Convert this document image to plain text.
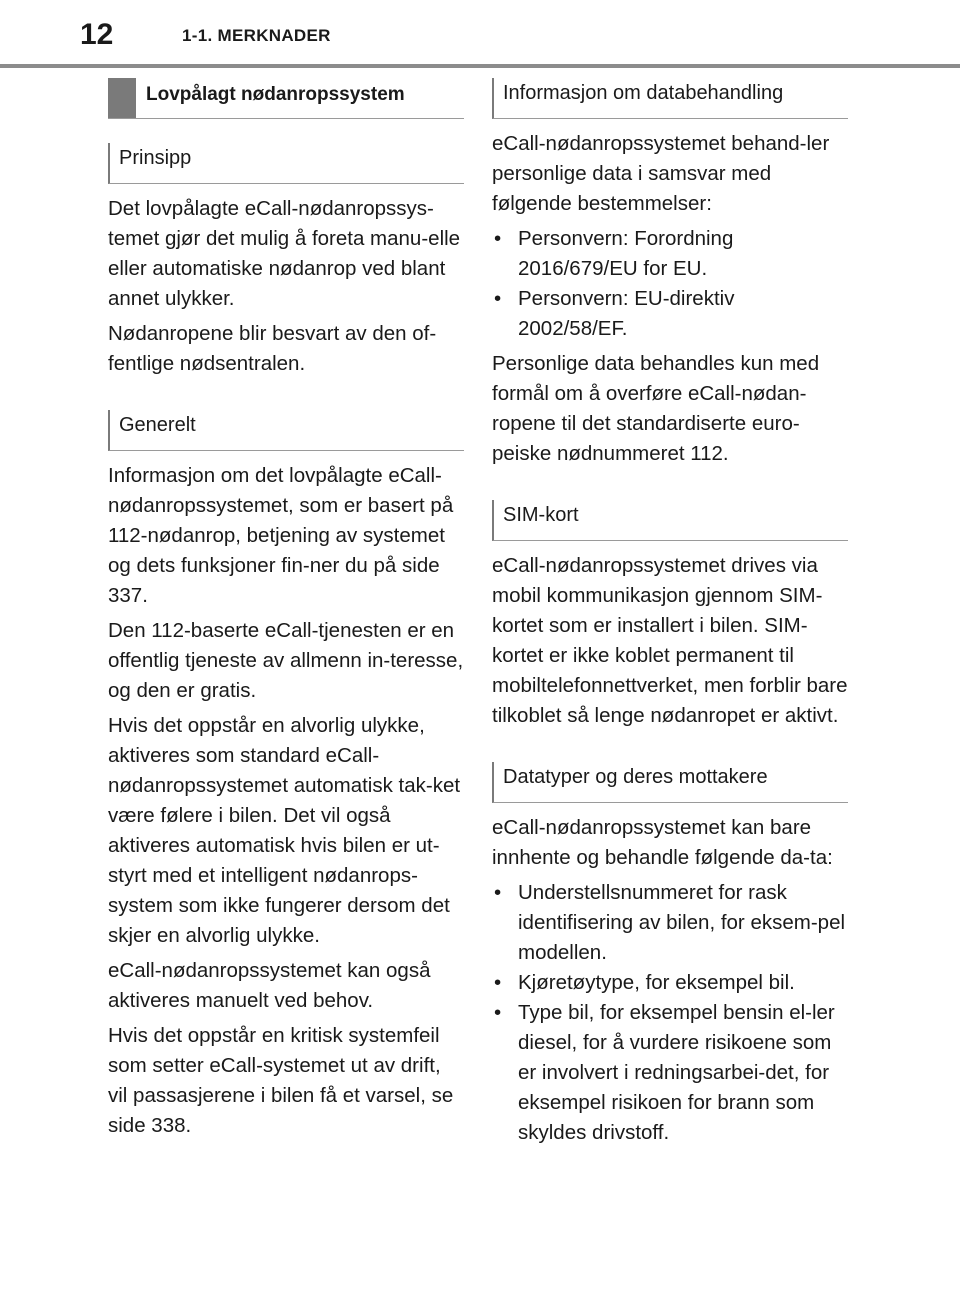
12	1-1. MERKNADER
Lovpålagt nødanropssystem
Prinsipp

Det lovpålagte eCall-nødanropssys-temet gjør det mulig å foreta manu-elle eller automatiske nødanrop ved blant annet ulykker.

Nødanropene blir besvart av den of-fentlige nødsentralen.

Generelt

Informasjon om det lovpålagte eCall-nødanropssystemet, som er basert på 112-nødanrop, betjening av systemet og dets funksjoner fin-ner du på side 337.

Den 112-baserte eCall-tjenesten er en offentlig tjeneste av allmenn in-teresse, og den er gratis.

Hvis det oppstår en alvorlig ulykke, aktiveres som standard eCall-nødanropssystemet automatisk tak-ket være følere i bilen. Det vil også aktiveres automatisk hvis bilen er ut-styrt med et intelligent nødanrops-system som ikke fungerer dersom det skjer en alvorlig ulykke.

eCall-nødanropssystemet kan også aktiveres manuelt ved behov.

Hvis det oppstår en kritisk systemfeil som setter eCall-systemet ut av drift, vil passasjerene i bilen få et varsel, se side 338.

Informasjon om databehandling

eCall-nødanropssystemet behand-ler personlige data i samsvar med følgende bestemmelser:

• Personvern: Forordning 2016/679/EU for EU.
• Personvern: EU-direktiv 2002/58/EF.

Personlige data behandles kun med formål om å overføre eCall-nødan-ropene til det standardiserte euro-peiske nødnummeret 112.

SIM-kort

eCall-nødanropssystemet drives via mobil kommunikasjon gjennom SIM-kortet som er installert i bilen. SIM-kortet er ikke koblet permanent til mobiltelefonnettverket, men forblir bare tilkoblet så lenge nødanropet er aktivt.

Datatyper og deres mottakere

eCall-nødanropssystemet kan bare innhente og behandle følgende da-ta:

• Understellsnummeret for rask identifisering av bilen, for eksem-pel modellen.
• Kjøretøytype, for eksempel bil.
• Type bil, for eksempel bensin el-ler diesel, for å vurdere risikoene som er involvert i redningsarbei-det, for eksempel risikoen for brann som skyldes drivstoff.
